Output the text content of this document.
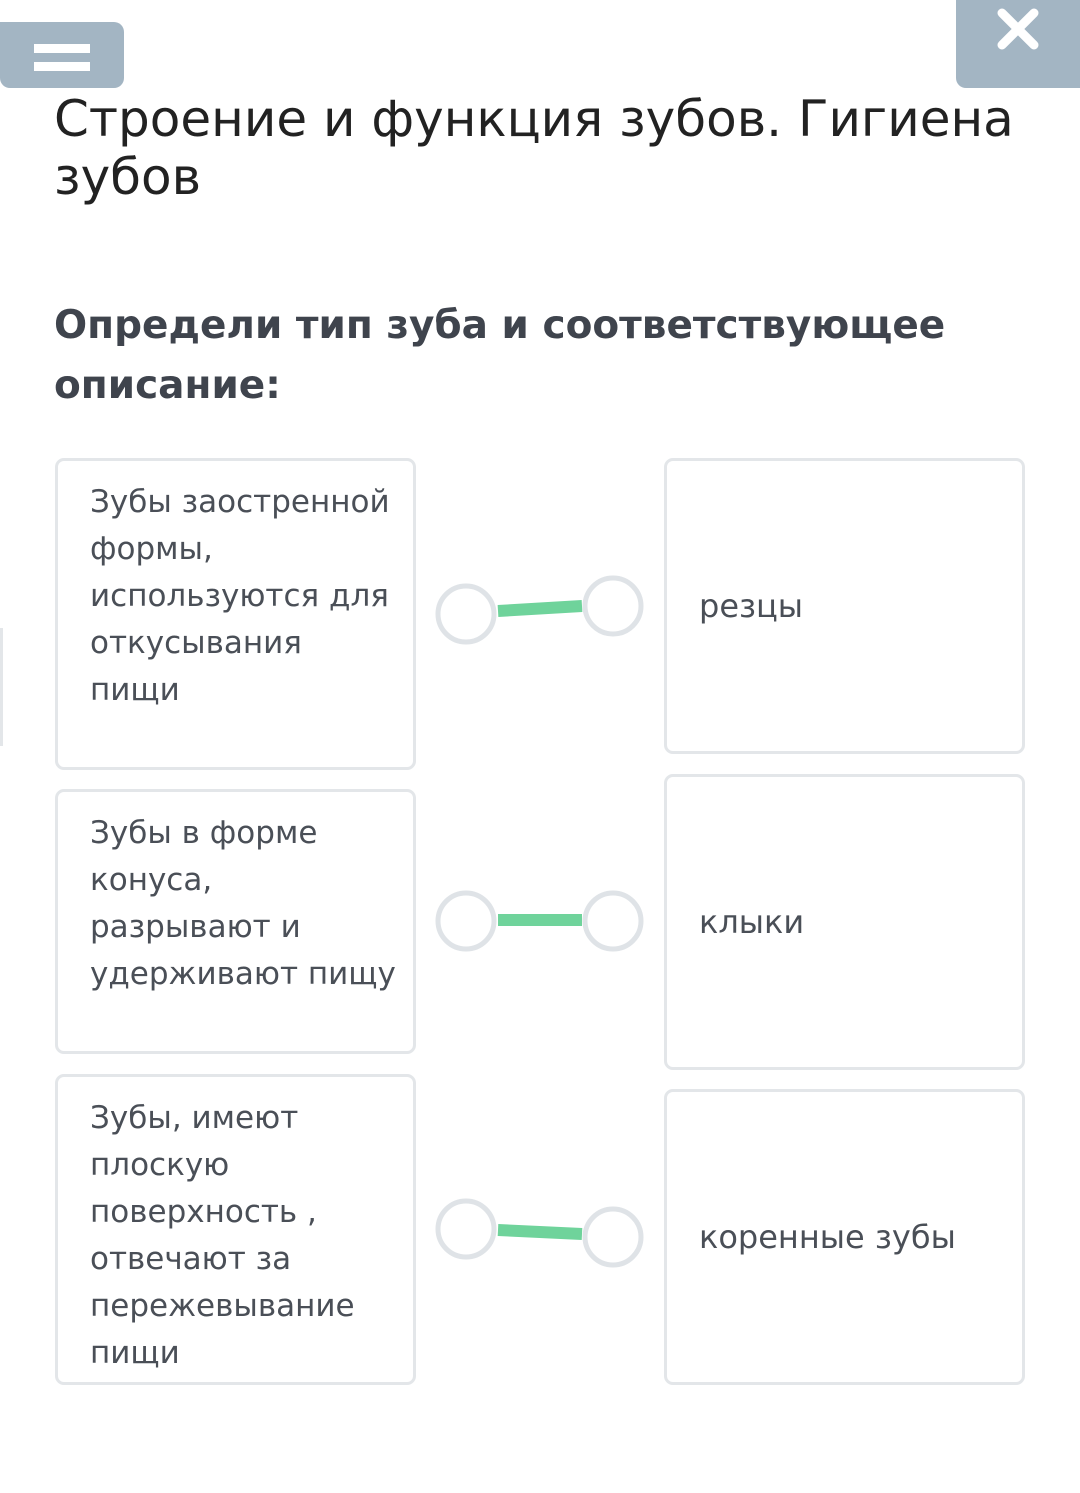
Строение и функция зубов. Гигиена зубов
Определи тип зуба и соответствующее описание:
Зубы заостренной формы, используются для откусывания пищи
Зубы в форме конуса, разрывают и удерживают пищу
Зубы, имеют плоскую поверхность , отвечают за пережевывание пищи
резцы
клыки
коренные зубы
